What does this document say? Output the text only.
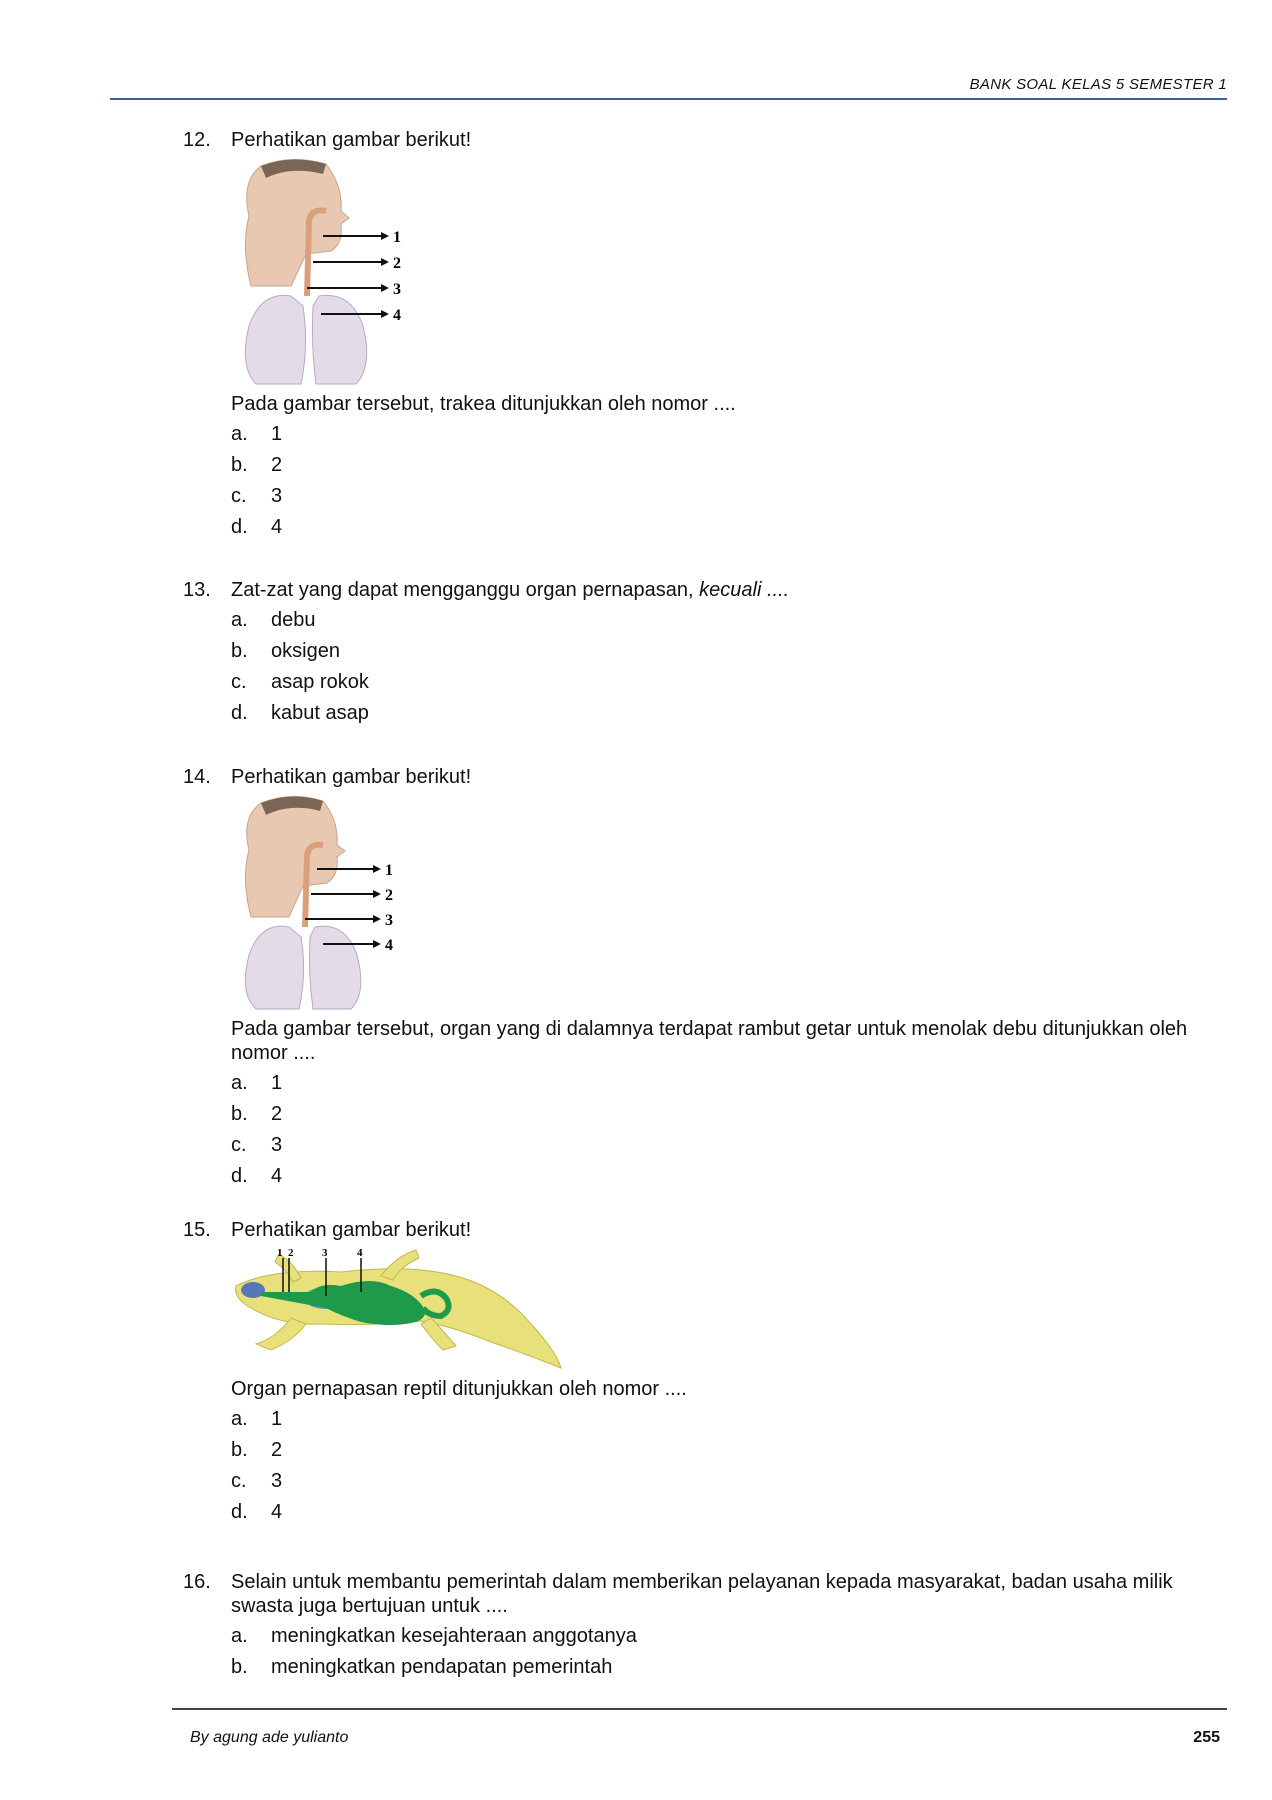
BANK SOAL KELAS 5 SEMESTER 1
12. Perhatikan gambar berikut!
1
2
3
4
Pada gambar tersebut, trakea ditunjukkan oleh nomor ....
a.	1
b.	2
c.	3
d.	4
13. Zat-zat yang dapat mengganggu organ pernapasan, kecuali ....
a.	debu
b.	oksigen
c.	asap rokok
d.	kabut asap
14. Perhatikan gambar berikut!
1
2
3
4
Pada gambar tersebut, organ yang di dalamnya terdapat rambut getar untuk menolak debu ditunjukkan oleh nomor ....
a.	1
b.	2
c.	3
d.	4
15. Perhatikan gambar berikut!
1 2	3	4
Organ pernapasan reptil ditunjukkan oleh nomor ....
a.	1
b.	2
c.	3
d.	4
16. Selain untuk membantu pemerintah dalam memberikan pelayanan kepada masyarakat, badan usaha milik swasta juga bertujuan untuk ....
a.	meningkatkan kesejahteraan anggotanya
b.	meningkatkan pendapatan pemerintah
By agung ade yulianto	255
